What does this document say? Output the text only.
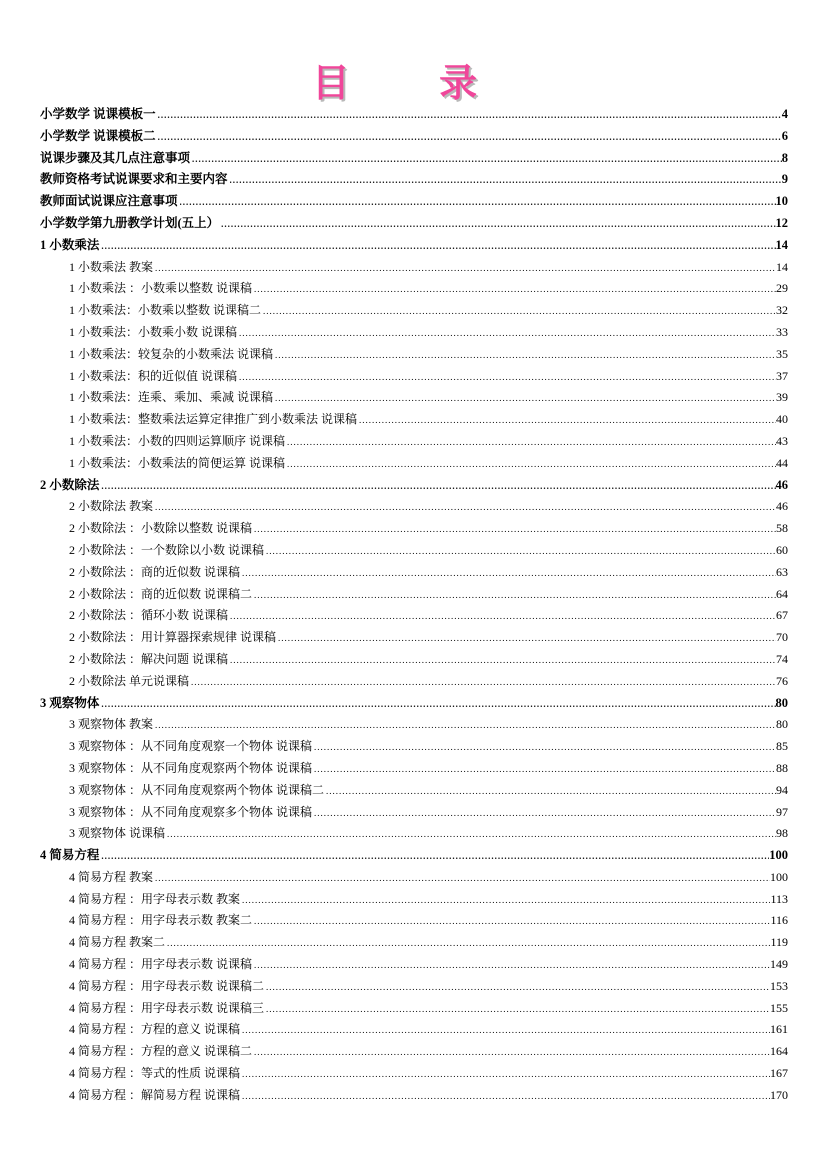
目 录
小学数学 说课模板一 .....	4
小学数学 说课模板二 .....	6
说课步骤及其几点注意事项 .....	8
教师资格考试说课要求和主要内容 .....	9
教师面试说课应注意事项 .....	10
小学数学第九册教学计划(五上） .....	12
1 小数乘法 .....	14
1 小数乘法 教案 .....	14
1 小数乘法 ：小数乘以整数 说课稿 .....	29
1 小数乘法：小数乘以整数 说课稿二 .....	32
1 小数乘法：小数乘小数 说课稿 .....	33
1 小数乘法：较复杂的小数乘法 说课稿 .....	35
1 小数乘法：积的近似值 说课稿 .....	37
1 小数乘法：连乘、乘加、乘减 说课稿 .....	39
1 小数乘法：整数乘法运算定律推广到小数乘法 说课稿 .....	40
1 小数乘法：小数的四则运算顺序 说课稿 .....	43
1 小数乘法：小数乘法的简便运算 说课稿 .....	44
2 小数除法 .....	46
2 小数除法 教案 .....	46
2 小数除法 ：小数除以整数 说课稿 .....	58
2 小数除法 ：一个数除以小数 说课稿 .....	60
2 小数除法 ：商的近似数 说课稿 .....	63
2 小数除法 ：商的近似数 说课稿二 .....	64
2 小数除法 ：循环小数 说课稿 .....	67
2 小数除法 ：用计算器探索规律 说课稿 .....	70
2 小数除法 ：解决问题 说课稿 .....	74
2 小数除法 单元说课稿 .....	76
3 观察物体 .....	80
3 观察物体 教案 .....	80
3 观察物体 ：从不同角度观察一个物体 说课稿 .....	85
3 观察物体 ：从不同角度观察两个物体 说课稿 .....	88
3 观察物体 ：从不同角度观察两个物体 说课稿二 .....	94
3 观察物体 ：从不同角度观察多个物体 说课稿 .....	97
3 观察物体 说课稿 .....	98
4 简易方程 .....	100
4 简易方程 教案 .....	100
4 简易方程 ：用字母表示数 教案 .....	113
4 简易方程 ：用字母表示数 教案二 .....	116
4 简易方程 教案二 .....	119
4 简易方程 ：用字母表示数 说课稿 .....	149
4 简易方程 ：用字母表示数 说课稿二 .....	153
4 简易方程 ：用字母表示数 说课稿三 .....	155
4 简易方程 ：方程的意义 说课稿 .....	161
4 简易方程 ：方程的意义 说课稿二 .....	164
4 简易方程 ：等式的性质 说课稿 .....	167
4 简易方程 ：解简易方程 说课稿 .....	170
